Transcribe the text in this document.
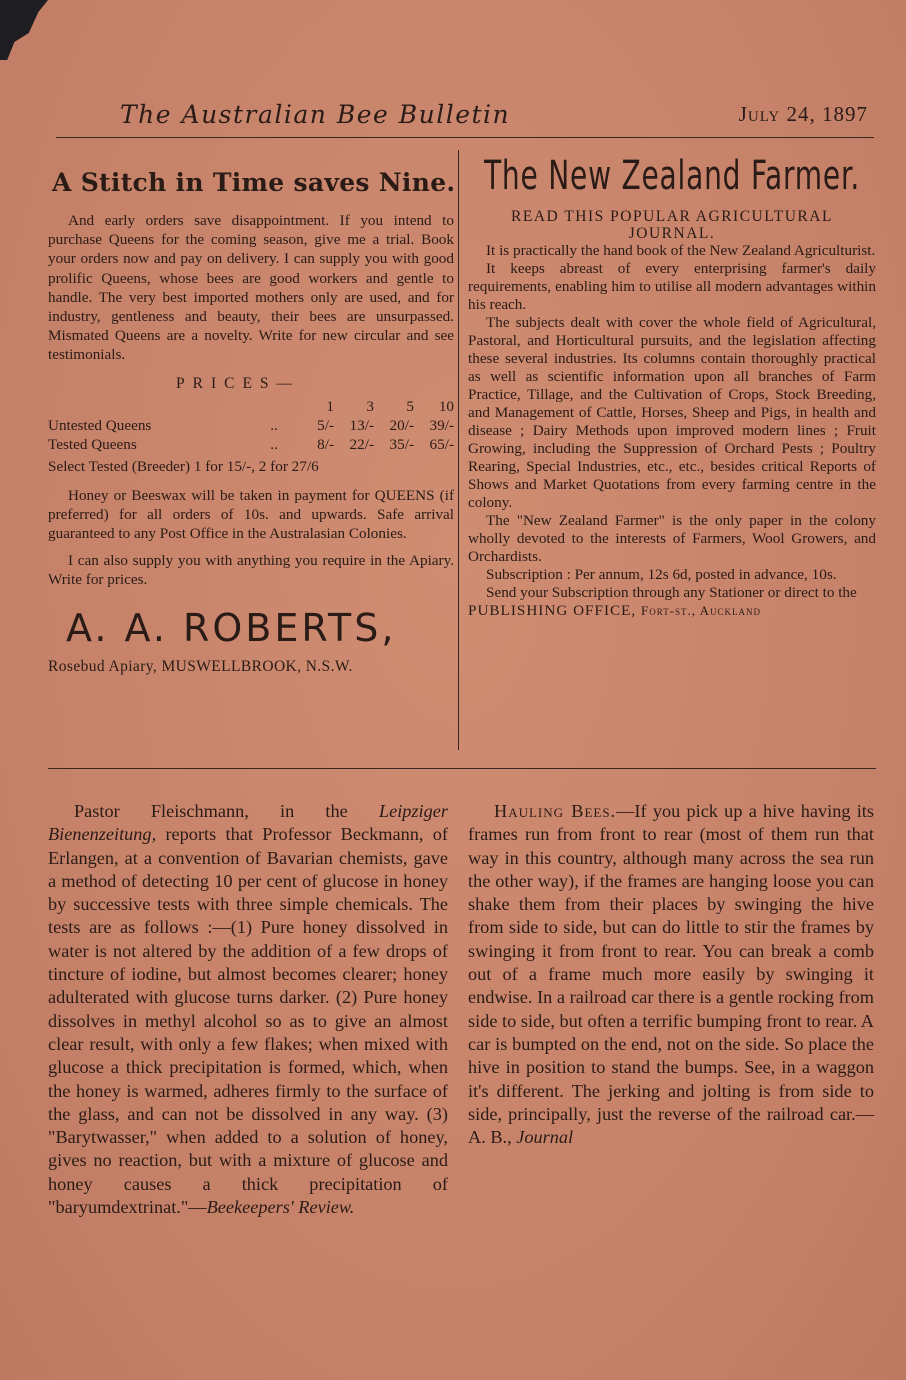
The Australian Bee Bulletin	July 24, 1897
A Stitch in Time saves Nine.

And early orders save disappointment. If you intend to purchase Queens for the coming season, give me a trial. Book your orders now and pay on delivery. I can supply you with good prolific Queens, whose bees are good workers and gentle to handle. The very best imported mothers only are used, and for industry, gentleness and beauty, their bees are unsurpassed. Mismated Queens are a novelty. Write for new circular and see testimonials.

PRICES—
		1	3	5	10
Untested Queens	..	5/-	13/-	20/-	39/-
Tested Queens	..	8/-	22/-	35/-	65/-
Select Tested (Breeder) 1 for 15/-, 2 for 27/6

Honey or Beeswax will be taken in payment for QUEENS (if preferred) for all orders of 10s. and upwards. Safe arrival guaranteed to any Post Office in the Australasian Colonies.

I can also supply you with anything you require in the Apiary. Write for prices.

A. A. ROBERTS,
Rosebud Apiary, MUSWELLBROOK, N.S.W.
The New Zealand Farmer.

READ THIS POPULAR AGRICULTURAL JOURNAL.

It is practically the hand book of the New Zealand Agriculturist.

It keeps abreast of every enterprising farmer's daily requirements, enabling him to utilise all modern advantages within his reach.

The subjects dealt with cover the whole field of Agricultural, Pastoral, and Horticultural pursuits, and the legislation affecting these several industries. Its columns contain thoroughly practical as well as scientific information upon all branches of Farm Practice, Tillage, and the Cultivation of Crops, Stock Breeding, and Management of Cattle, Horses, Sheep and Pigs, in health and disease ; Dairy Methods upon improved modern lines ; Fruit Growing, including the Suppression of Orchard Pests ; Poultry Rearing, Special Industries, etc., etc., besides critical Reports of Shows and Market Quotations from every farming centre in the colony.

The "New Zealand Farmer" is the only paper in the colony wholly devoted to the interests of Farmers, Wool Growers, and Orchardists.

Subscription : Per annum, 12s 6d, posted in advance, 10s.

Send your Subscription through any Stationer or direct to the

PUBLISHING OFFICE, Fort-st., Auckland

Pastor Fleischmann, in the Leipziger Bienenzeitung, reports that Professor Beckmann, of Erlangen, at a convention of Bavarian chemists, gave a method of detecting 10 per cent of glucose in honey by successive tests with three simple chemicals. The tests are as follows :—(1) Pure honey dissolved in water is not altered by the addition of a few drops of tincture of iodine, but almost becomes clearer; honey adulterated with glucose turns darker. (2) Pure honey dissolves in methyl alcohol so as to give an almost clear result, with only a few flakes; when mixed with glucose a thick precipitation is formed, which, when the honey is warmed, adheres firmly to the surface of the glass, and can not be dissolved in any way. (3) "Barytwasser," when added to a solution of honey, gives no reaction, but with a mixture of glucose and honey causes a thick precipitation of "baryumdextrinat."—Beekeepers' Review.

Hauling Bees.—If you pick up a hive having its frames run from front to rear (most of them run that way in this country, although many across the sea run the other way), if the frames are hanging loose you can shake them from their places by swinging the hive from side to side, but can do little to stir the frames by swinging it from front to rear. You can break a comb out of a frame much more easily by swinging it endwise. In a railroad car there is a gentle rocking from side to side, but often a terrific bumping front to rear. A car is bumpted on the end, not on the side. So place the hive in position to stand the bumps. See, in a waggon it's different. The jerking and jolting is from side to side, principally, just the reverse of the railroad car.—A. B., Journal
